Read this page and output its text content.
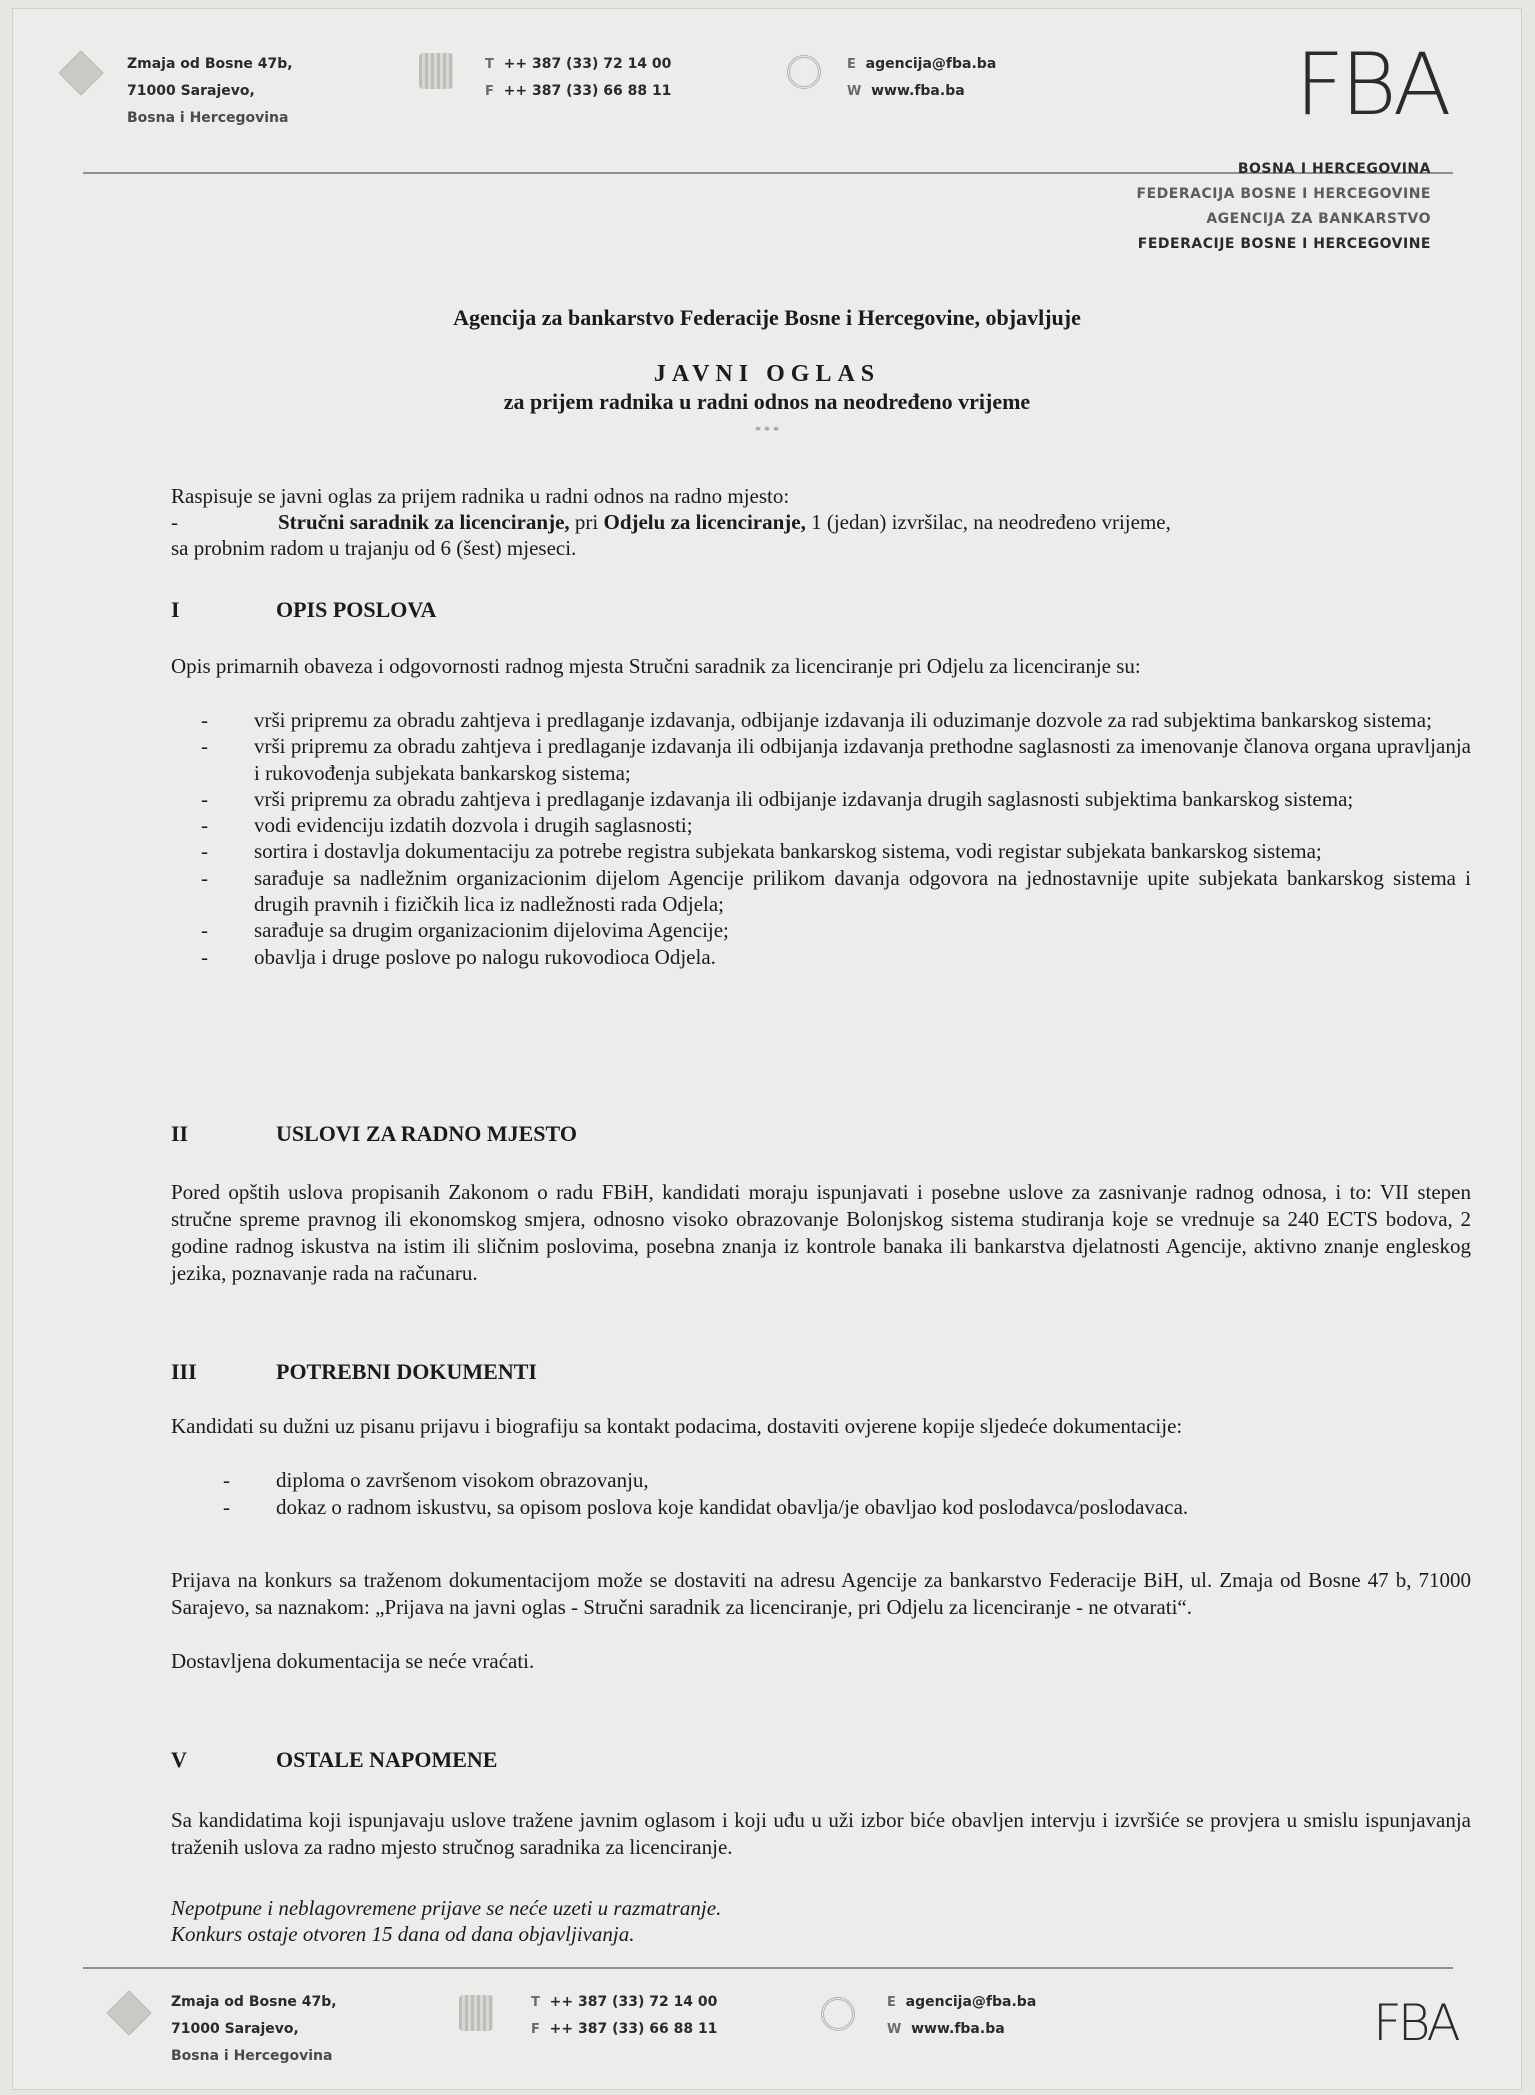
Zmaja od Bosne 47b,
71000 Sarajevo,
Bosna i Hercegovina
T ++ 387 (33) 72 14 00
F ++ 387 (33) 66 88 11
E agencija@fba.ba
W www.fba.ba	FBA
BOSNA I HERCEGOVINA
FEDERACIJA BOSNE I HERCEGOVINE
AGENCIJA ZA BANKARSTVO
FEDERACIJE BOSNE I HERCEGOVINE
Agencija za bankarstvo Federacije Bosne i Hercegovine, objavljuje
JAVNI OGLAS
za prijem radnika u radni odnos na neodređeno vrijeme
* * *
Raspisuje se javni oglas za prijem radnika u radni odnos na radno mjesto:
-	Stručni saradnik za licenciranje, pri Odjelu za licenciranje, 1 (jedan) izvršilac, na neodređeno vrijeme,
sa probnim radom u trajanju od 6 (šest) mjeseci.
I	OPIS POSLOVA
Opis primarnih obaveza i odgovornosti radnog mjesta Stručni saradnik za licenciranje pri Odjelu za licenciranje su:
- vrši pripremu za obradu zahtjeva i predlaganje izdavanja, odbijanje izdavanja ili oduzimanje dozvole za rad subjektima bankarskog sistema;
- vrši pripremu za obradu zahtjeva i predlaganje izdavanja ili odbijanja izdavanja prethodne saglasnosti za imenovanje članova organa upravljanja i rukovođenja subjekata bankarskog sistema;
- vrši pripremu za obradu zahtjeva i predlaganje izdavanja ili odbijanje izdavanja drugih saglasnosti subjektima bankarskog sistema;
- vodi evidenciju izdatih dozvola i drugih saglasnosti;
- sortira i dostavlja dokumentaciju za potrebe registra subjekata bankarskog sistema, vodi registar subjekata bankarskog sistema;
- sarađuje sa nadležnim organizacionim dijelom Agencije prilikom davanja odgovora na jednostavnije upite subjekata bankarskog sistema i drugih pravnih i fizičkih lica iz nadležnosti rada Odjela;
- sarađuje sa drugim organizacionim dijelovima Agencije;
- obavlja i druge poslove po nalogu rukovodioca Odjela.
II	USLOVI ZA RADNO MJESTO
Pored opštih uslova propisanih Zakonom o radu FBiH, kandidati moraju ispunjavati i posebne uslove za zasnivanje radnog odnosa, i to: VII stepen stručne spreme pravnog ili ekonomskog smjera, odnosno visoko obrazovanje Bolonjskog sistema studiranja koje se vrednuje sa 240 ECTS bodova, 2 godine radnog iskustva na istim ili sličnim poslovima, posebna znanja iz kontrole banaka ili bankarstva djelatnosti Agencije, aktivno znanje engleskog jezika, poznavanje rada na računaru.
III	POTREBNI DOKUMENTI
Kandidati su dužni uz pisanu prijavu i biografiju sa kontakt podacima, dostaviti ovjerene kopije sljedeće dokumentacije:
- diploma o završenom visokom obrazovanju,
- dokaz o radnom iskustvu, sa opisom poslova koje kandidat obavlja/je obavljao kod poslodavca/poslodavaca.
Prijava na konkurs sa traženom dokumentacijom može se dostaviti na adresu Agencije za bankarstvo Federacije BiH, ul. Zmaja od Bosne 47 b, 71000 Sarajevo, sa naznakom: „Prijava na javni oglas - Stručni saradnik za licenciranje, pri Odjelu za licenciranje - ne otvarati“.
Dostavljena dokumentacija se neće vraćati.
V	OSTALE NAPOMENE
Sa kandidatima koji ispunjavaju uslove tražene javnim oglasom i koji uđu u uži izbor biće obavljen intervju i izvršiće se provjera u smislu ispunjavanja traženih uslova za radno mjesto stručnog saradnika za licenciranje.
Nepotpune i neblagovremene prijave se neće uzeti u razmatranje.
Konkurs ostaje otvoren 15 dana od dana objavljivanja.
Zmaja od Bosne 47b,
71000 Sarajevo,
Bosna i Hercegovina
T ++ 387 (33) 72 14 00
F ++ 387 (33) 66 88 11
E agencija@fba.ba
W www.fba.ba	FBA
